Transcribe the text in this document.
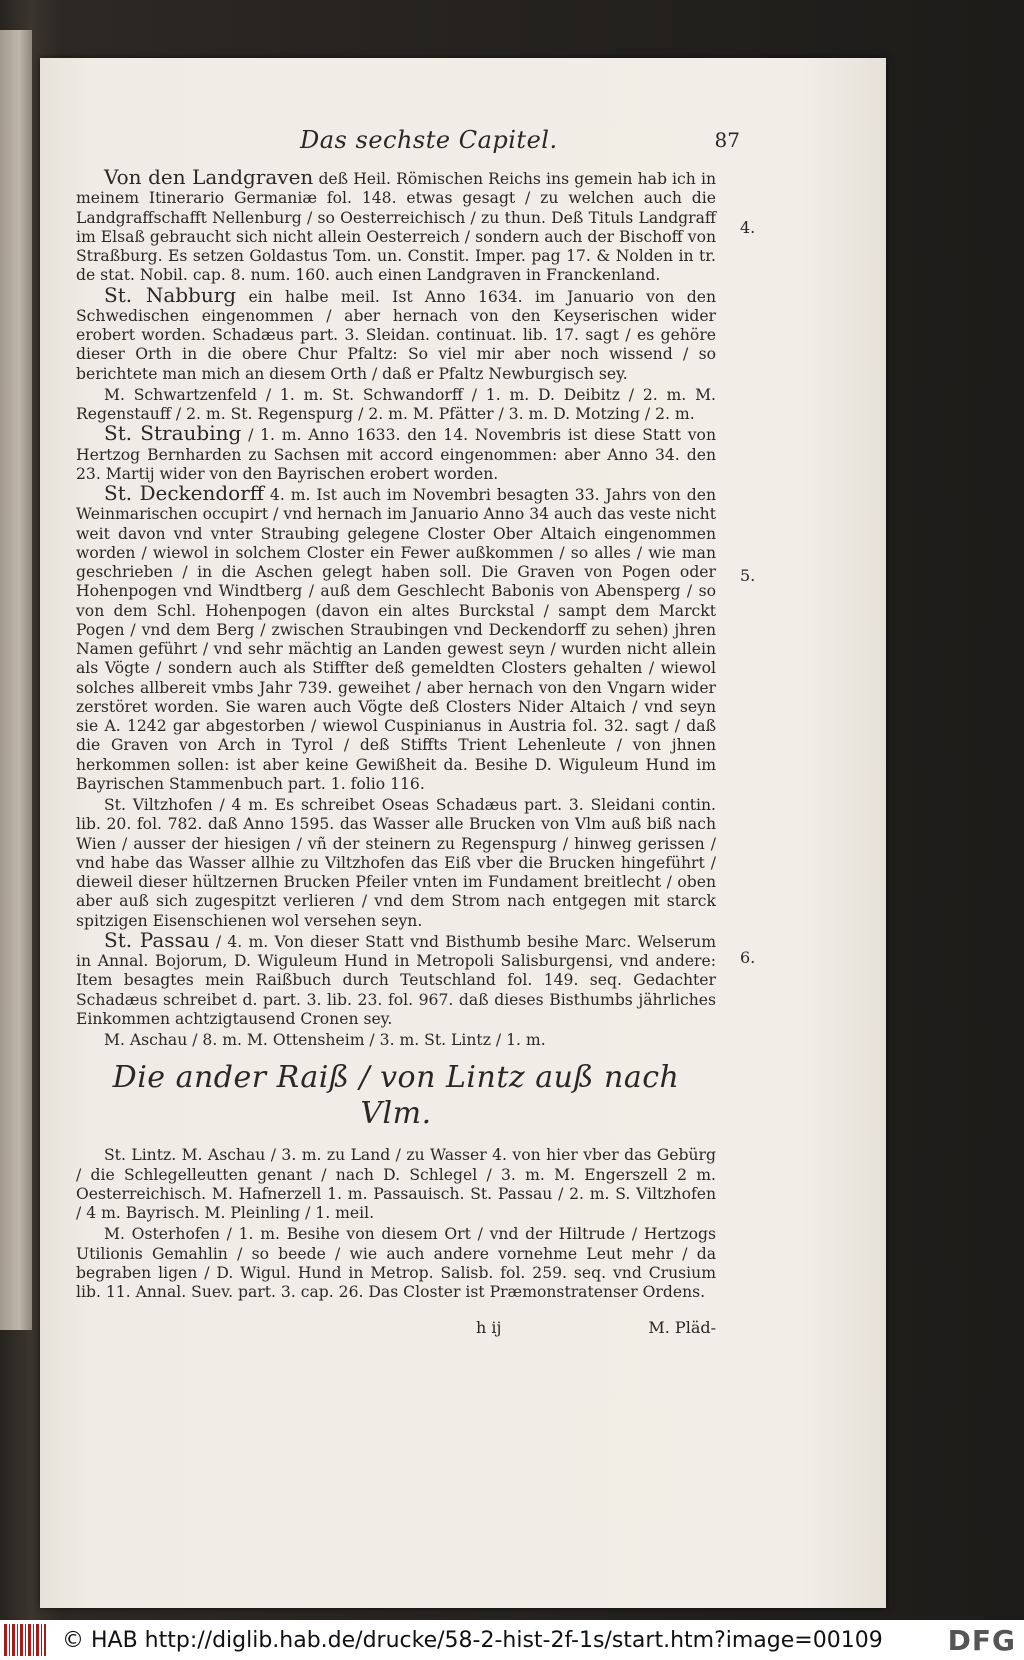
Das sechste Capitel.	87

Von den Landgraven deß Heil. Römischen Reichs ins gemein hab ich in meinem Itinerario Germaniæ fol. 148. etwas gesagt / zu welchen auch die Landgraffschafft Nellenburg / so Oesterreichisch / zu thun. Deß Tituls Landgraff im Elsaß gebraucht sich nicht allein Oesterreich / sondern auch der Bischoff von Straßburg. Es setzen Goldastus Tom. un. Constit. Imper. pag 17. & Nolden in tr. de stat. Nobil. cap. 8. num. 160. auch einen Landgraven in Franckenland.

St. Nabburg ein halbe meil. Ist Anno 1634. im Januario von den Schwedischen eingenommen / aber hernach von den Keyserischen wider erobert worden. Schadæus part. 3. Sleidan. continuat. lib. 17. sagt / es gehöre dieser Orth in die obere Chur Pfaltz: So viel mir aber noch wissend / so berichtete man mich an diesem Orth / daß er Pfaltz Newburgisch sey.

M. Schwartzenfeld / 1. m. St. Schwandorff / 1. m. D. Deibitz / 2. m. M. Regenstauff / 2. m. St. Regenspurg / 2. m. M. Pfätter / 3. m. D. Motzing / 2. m.

St. Straubing / 1. m. Anno 1633. den 14. Novembris ist diese Statt von Hertzog Bernharden zu Sachsen mit accord eingenommen: aber Anno 34. den 23. Martij wider von den Bayrischen erobert worden.

St. Deckendorff 4. m. Ist auch im Novembri besagten 33. Jahrs von den Weinmarischen occupirt / vnd hernach im Januario Anno 34 auch das veste nicht weit davon vnd vnter Straubing gelegene Closter Ober Altaich eingenommen worden / wiewol in solchem Closter ein Fewer außkommen / so alles / wie man geschrieben / in die Aschen gelegt haben soll. Die Graven von Pogen oder Hohenpogen vnd Windtberg / auß dem Geschlecht Babonis von Abensperg / so von dem Schl. Hohenpogen (davon ein altes Burckstal / sampt dem Marckt Pogen / vnd dem Berg / zwischen Straubingen vnd Deckendorff zu sehen) jhren Namen geführt / vnd sehr mächtig an Landen gewest seyn / wurden nicht allein als Vögte / sondern auch als Stiffter deß gemeldten Closters gehalten / wiewol solches allbereit vmbs Jahr 739. geweihet / aber hernach von den Vngarn wider zerstöret worden. Sie waren auch Vögte deß Closters Nider Altaich / vnd seyn sie A. 1242 gar abgestorben / wiewol Cuspinianus in Austria fol. 32. sagt / daß die Graven von Arch in Tyrol / deß Stiffts Trient Lehenleute / von jhnen herkommen sollen: ist aber keine Gewißheit da. Besihe D. Wiguleum Hund im Bayrischen Stammenbuch part. 1. folio 116.

St. Viltzhofen / 4 m. Es schreibet Oseas Schadæus part. 3. Sleidani contin. lib. 20. fol. 782. daß Anno 1595. das Wasser alle Brucken von Vlm auß biß nach Wien / ausser der hiesigen / vñ der steinern zu Regenspurg / hinweg gerissen / vnd habe das Wasser allhie zu Viltzhofen das Eiß vber die Brucken hingeführt / dieweil dieser hültzernen Brucken Pfeiler vnten im Fundament breitlecht / oben aber auß sich zugespitzt verlieren / vnd dem Strom nach entgegen mit starck spitzigen Eisenschienen wol versehen seyn.

St. Passau / 4. m. Von dieser Statt vnd Bisthumb besihe Marc. Welserum in Annal. Bojorum, D. Wiguleum Hund in Metropoli Salisburgensi, vnd andere: Item besagtes mein Raißbuch durch Teutschland fol. 149. seq. Gedachter Schadæus schreibet d. part. 3. lib. 23. fol. 967. daß dieses Bisthumbs jährliches Einkommen achtzigtausend Cronen sey.

M. Aschau / 8. m. M. Ottensheim / 3. m. St. Lintz / 1. m.

Die ander Raiß / von Lintz auß nach Vlm.

St. Lintz. M. Aschau / 3. m. zu Land / zu Wasser 4. von hier vber das Gebürg / die Schlegelleutten genant / nach D. Schlegel / 3. m. M. Engerszell 2 m. Oesterreichisch. M. Hafnerzell 1. m. Passauisch. St. Passau / 2. m. S. Viltzhofen / 4 m. Bayrisch. M. Pleinling / 1. meil.

M. Osterhofen / 1. m. Besihe von diesem Ort / vnd der Hiltrude / Hertzogs Utilionis Gemahlin / so beede / wie auch andere vornehme Leut mehr / da begraben ligen / D. Wigul. Hund in Metrop. Salisb. fol. 259. seq. vnd Crusium lib. 11. Annal. Suev. part. 3. cap. 26. Das Closter ist Præmonstratenser Ordens.

4.
5.
6.
h ij	M. Pläd-
© HAB http://diglib.hab.de/drucke/58-2-hist-2f-1s/start.htm?image=00109 DFG
